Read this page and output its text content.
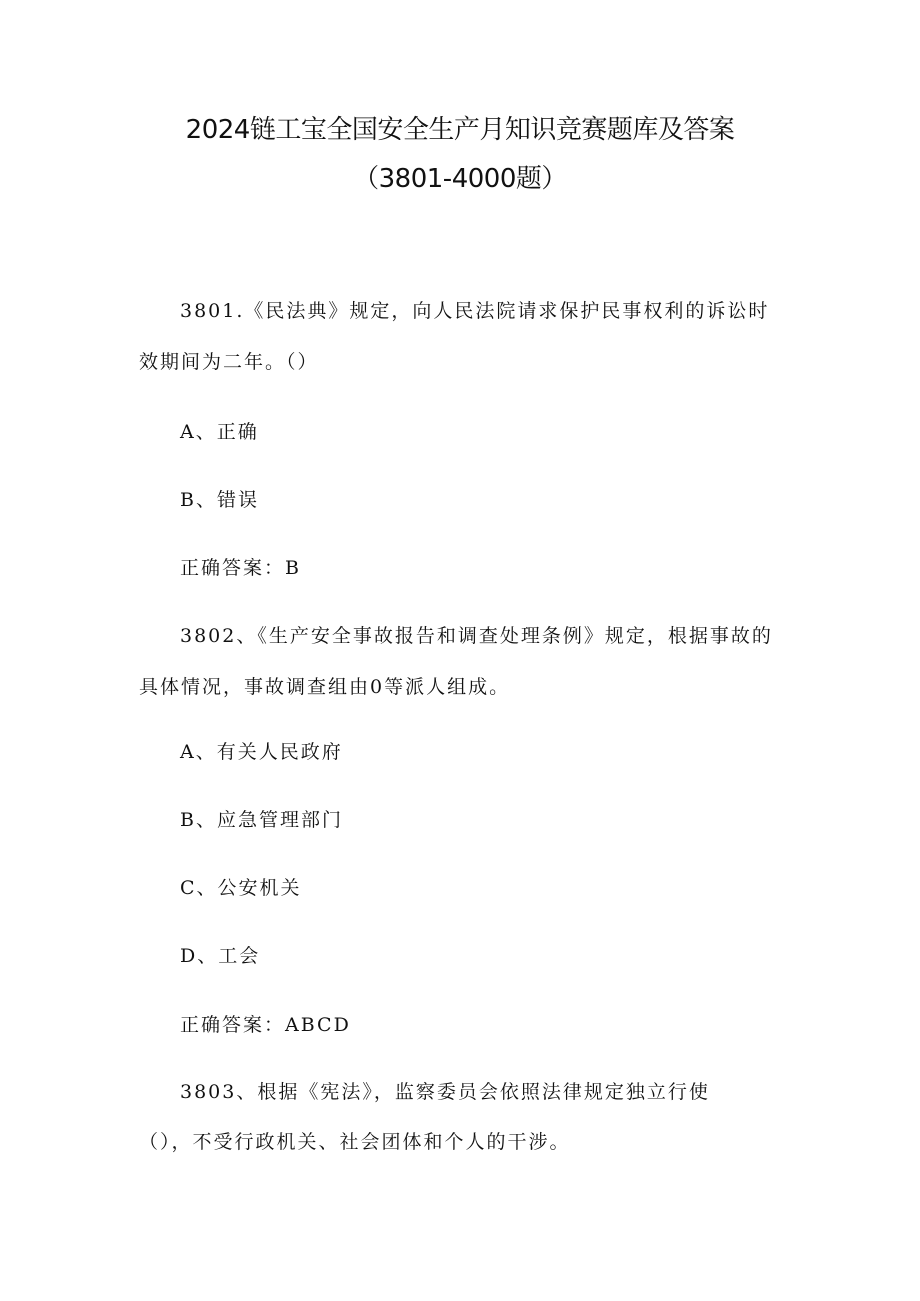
2024链工宝全国安全生产月知识竞赛题库及答案
（3801-4000题）
3801.《民法典》规定，向人民法院请求保护民事权利的诉讼时
效期间为二年。（）
A、正确
B、错误
正确答案：B
3802、《生产安全事故报告和调查处理条例》规定，根据事故的
具体情况，事故调查组由0等派人组成。
A、有关人民政府
B、应急管理部门
C、公安机关
D、工会
正确答案：ABCD
3803、根据《宪法》，监察委员会依照法律规定独立行使
（），不受行政机关、社会团体和个人的干涉。
